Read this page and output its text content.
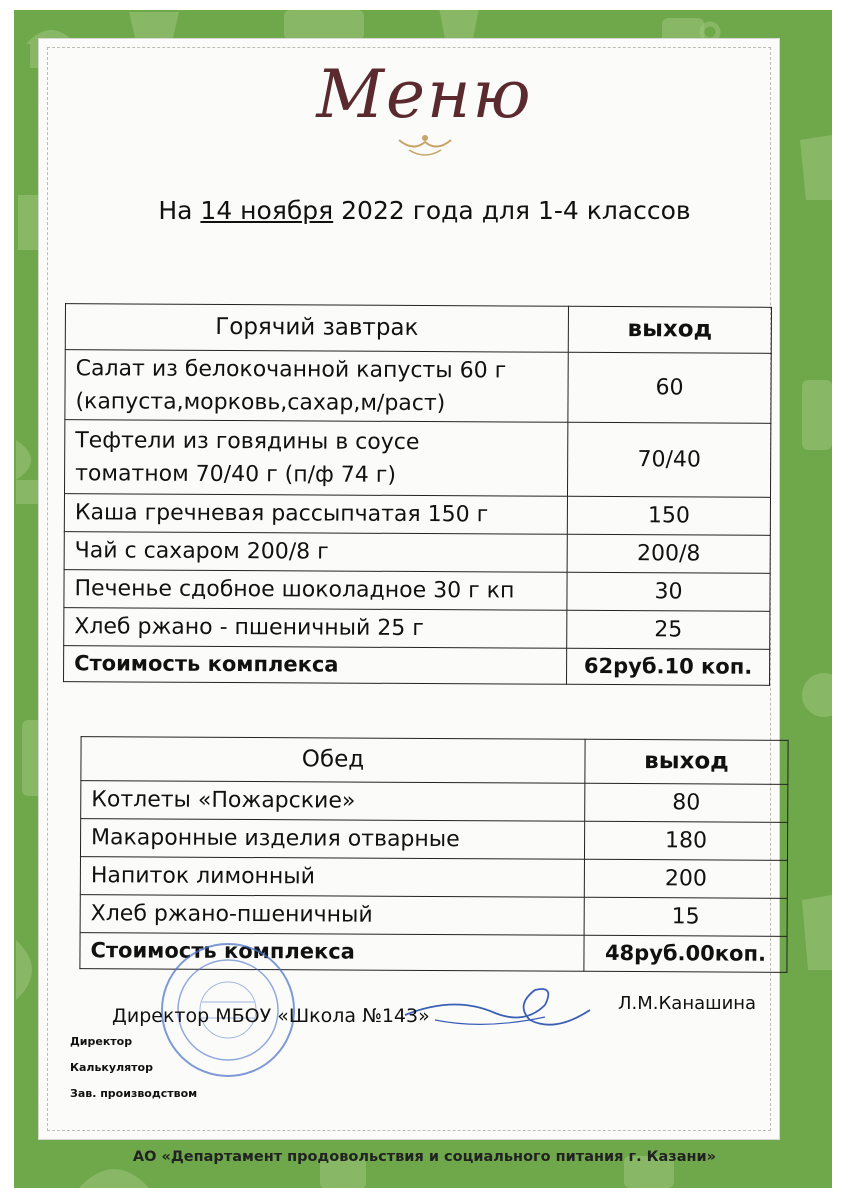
Меню
На 14 ноября 2022 года для 1-4 классов
Горячий завтрак	выход
Салат из белокочанной капусты 60 г
(капуста,морковь,сахар,м/раст)	60
Тефтели из говядины в соусе
томатном 70/40 г (п/ф 74 г)	70/40
Каша гречневая рассыпчатая 150 г	150
Чай с сахаром 200/8 г	200/8
Печенье сдобное шоколадное 30 г кп	30
Хлеб ржано - пшеничный 25 г	25
Стоимость комплекса	62руб.10 коп.
Обед	выход
Котлеты «Пожарские»	80
Макаронные изделия отварные	180
Напиток лимонный	200
Хлеб ржано-пшеничный	15
Стоимость комплекса	48руб.00коп.
Директор МБОУ «Школа №143»
Л.М.Канашина
Директор
Калькулятор
Зав. производством
АО «Департамент продовольствия и социального питания г. Казани»
